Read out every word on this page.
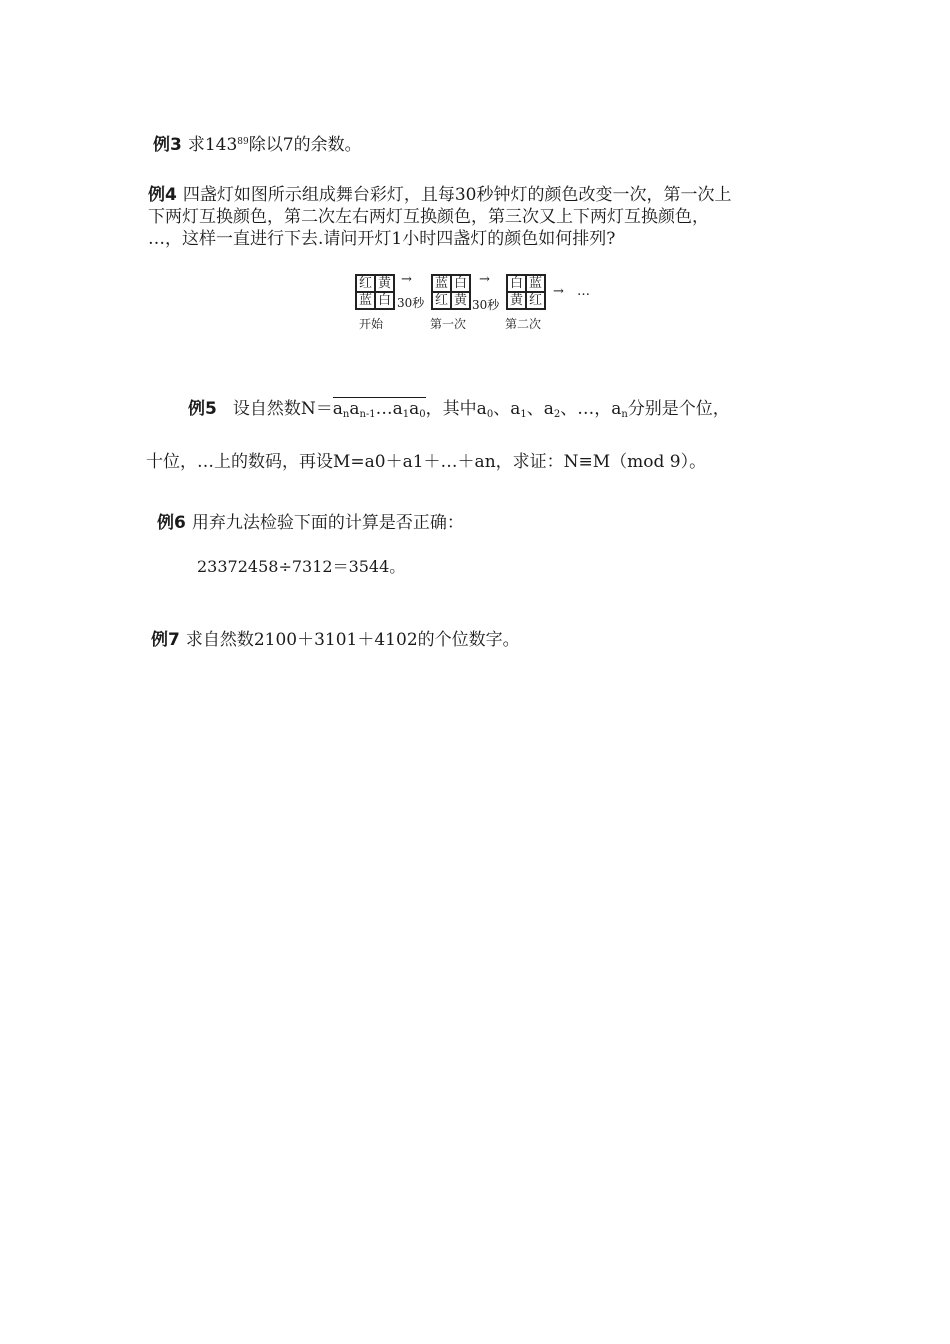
例3 求$143^{89}$除以7的余数。
例4 四盏灯如图所示组成舞台彩灯，且每30秒钟灯的颜色改变一次，第一次上
下两灯互换颜色，第二次左右两灯互换颜色，第三次又上下两灯互换颜色，
…，这样一直进行下去.请问开灯1小时四盏灯的颜色如何排列?
红 黄
蓝 白
→
30秒
蓝 白
红 黄
→
30秒
白 蓝
黄 红
→ …
开始	第一次	第二次
例5 设自然数$N=a_na_{n-1}\dots a_1a_0$，其中$a_0$、$a_1$、$a_2$、…，$a_n$分别是个位，
十位，…上的数码，再设M=a0＋a1＋…＋an，求证：N≡M（mod 9）。
例6 用弃九法检验下面的计算是否正确：
23372458÷7312＝3544。
例7 求自然数2100＋3101＋4102的个位数字。
